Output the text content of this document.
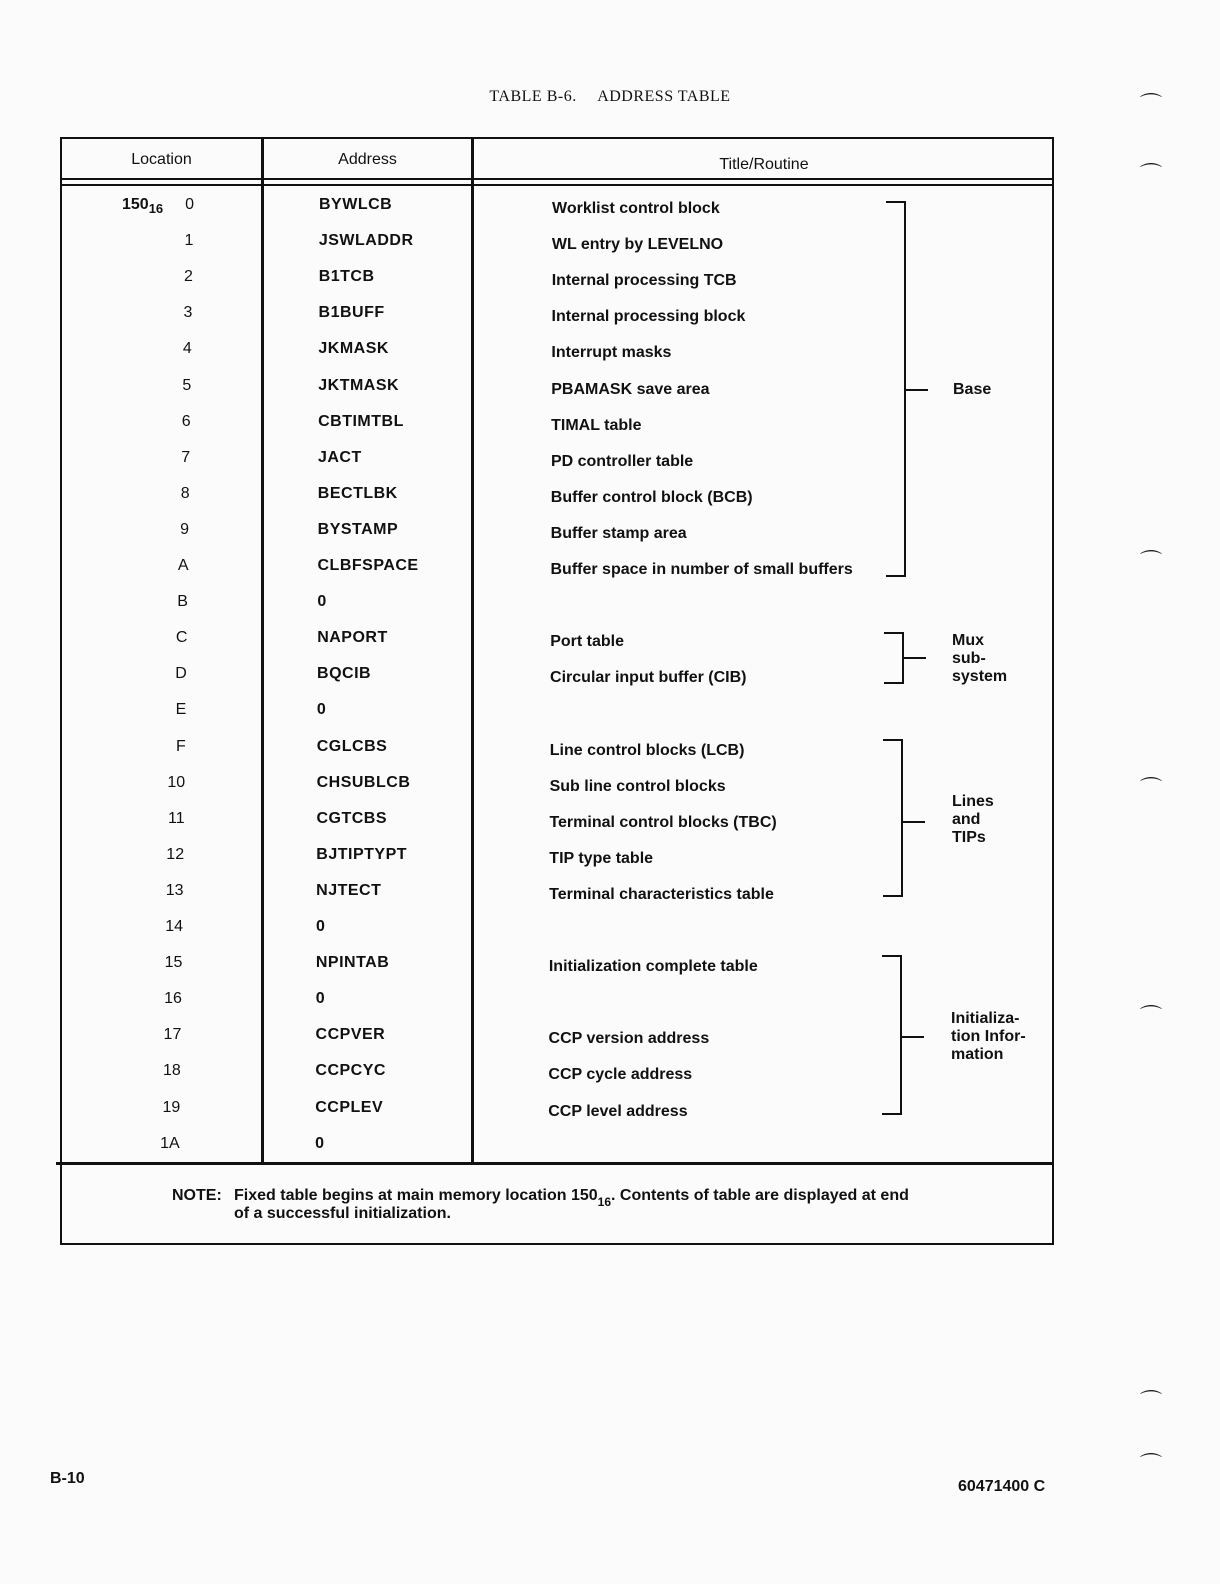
TABLE B-6. ADDRESS TABLE
Location	Address	Title/Routine
$150_{16}$	0	BYWLCB	Worklist control block
1	JSWLADDR	WL entry by LEVELNO
2	B1TCB	Internal processing TCB
3	B1BUFF	Internal processing block
4	JKMASK	Interrupt masks
5	JKTMASK	PBAMASK save area
6	CBTIMTBL	TIMAL table
7	JACT	PD controller table
8	BECTLBK	Buffer control block (BCB)
9	BYSTAMP	Buffer stamp area
A	CLBFSPACE	Buffer space in number of small buffers
B	0
C	NAPORT	Port table
D	BQCIB	Circular input buffer (CIB)
E	0
F	CGLCBS	Line control blocks (LCB)
10	CHSUBLCB	Sub line control blocks
11	CGTCBS	Terminal control blocks (TBC)
12	BJTIPTYPT	TIP type table
13	NJTECT	Terminal characteristics table
14	0
15	NPINTAB	Initialization complete table
16	0
17	CCPVER	CCP version address
18	CCPCYC	CCP cycle address
19	CCPLEV	CCP level address
1A	0
Base
Mux
sub-
system
Lines
and
TIPs
Initializa-
tion Infor-
mation
NOTE: Fixed table begins at main memory location $150_{16}$. Contents of table are displayed at end
of a successful initialization.
B-10	60471400 C
⌒
⌒
⌒
⌒
⌒
⌒
⌒
